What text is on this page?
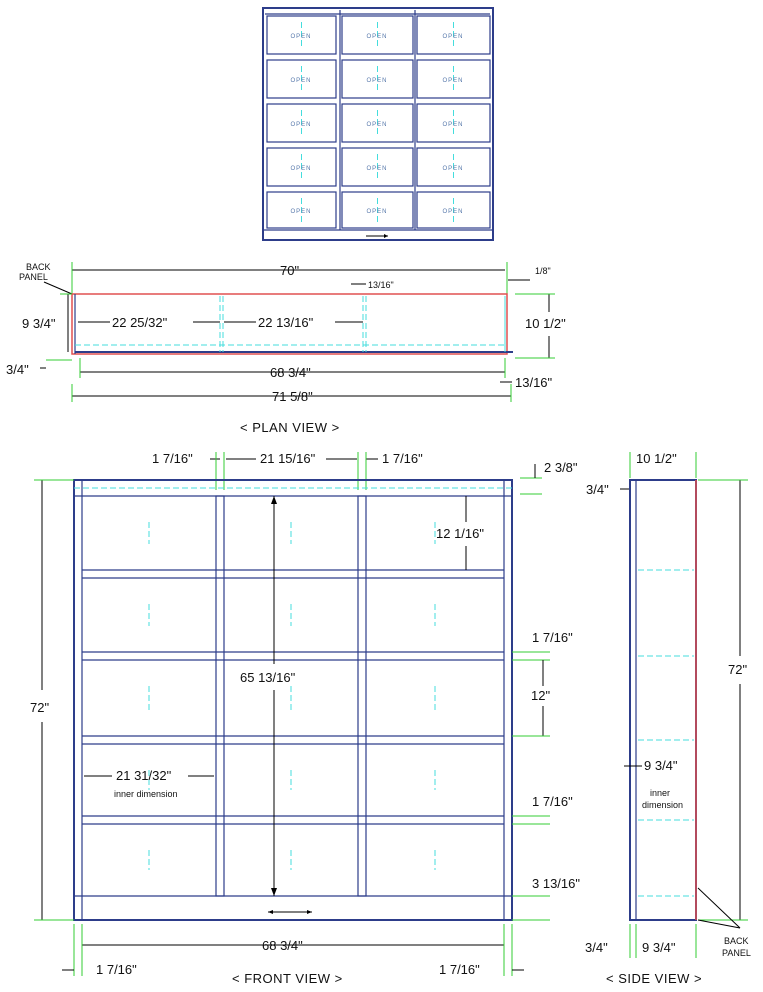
OPEN	OPEN	OPEN
OPEN	OPEN	OPEN
OPEN	OPEN	OPEN
OPEN	OPEN	OPEN
OPEN	OPEN	OPEN
BACK
PANEL	70"	1/8"
13/16"
9 3/4"	22 25/32"	22 13/16"	10 1/2"
3/4"	68 3/4"
13/16"
71 5/8"
< PLAN VIEW >
1 7/16"	21 15/16"	1 7/16"
2 3/8"
12 1/16"
65 13/16"
72"
1 7/16"
12"
21 31/32"
inner dimension	1 7/16"
3 13/16"
68 3/4"
1 7/16"	1 7/16"
< FRONT VIEW >
10 1/2"
3/4"
72"
9 3/4"
inner
dimension
3/4"	9 3/4"	BACK
PANEL
< SIDE VIEW >
